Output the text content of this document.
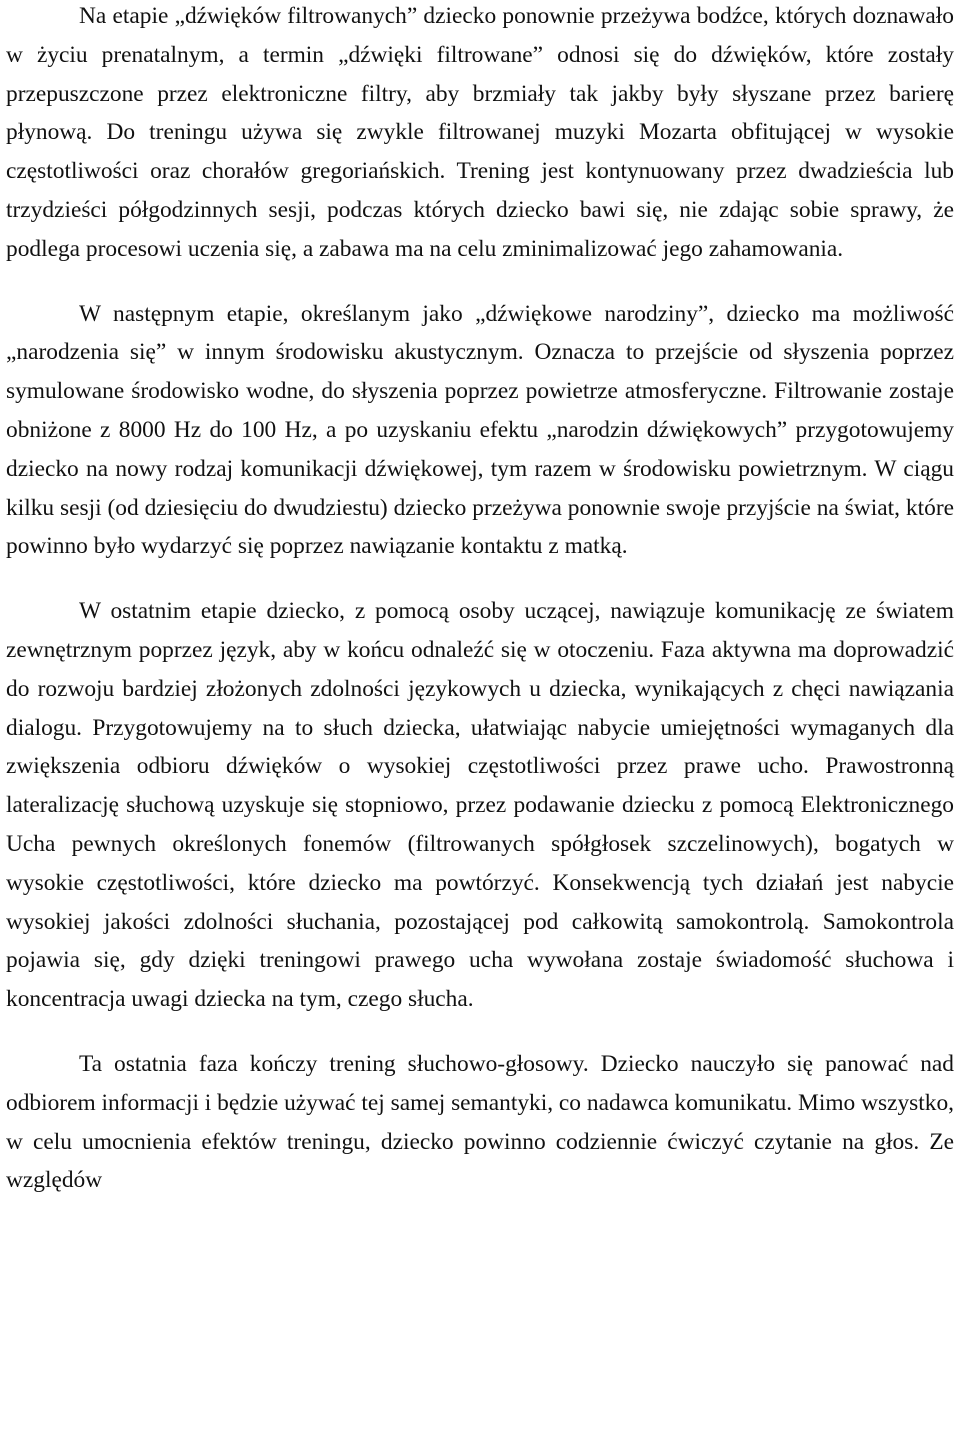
Na etapie „dźwięków filtrowanych” dziecko ponownie przeżywa bodźce, których doznawało w życiu prenatalnym, a termin „dźwięki filtrowane” odnosi się do dźwięków, które zostały przepuszczone przez elektroniczne filtry, aby brzmiały tak jakby były słyszane przez barierę płynową. Do treningu używa się zwykle filtrowanej muzyki Mozarta obfitującej w wysokie częstotliwości oraz chorałów gregoriańskich. Trening jest kontynuowany przez dwadzieścia lub trzydzieści półgodzinnych sesji, podczas których dziecko bawi się, nie zdając sobie sprawy, że podlega procesowi uczenia się, a zabawa ma na celu zminimalizować jego zahamowania.

W następnym etapie, określanym jako „dźwiękowe narodziny”, dziecko ma możliwość „narodzenia się” w innym środowisku akustycznym. Oznacza to przejście od słyszenia poprzez symulowane środowisko wodne, do słyszenia poprzez powietrze atmosferyczne. Filtrowanie zostaje obniżone z 8000 Hz do 100 Hz, a po uzyskaniu efektu „narodzin dźwiękowych” przygotowujemy dziecko na nowy rodzaj komunikacji dźwiękowej, tym razem w środowisku powietrznym. W ciągu kilku sesji (od dziesięciu do dwudziestu) dziecko przeżywa ponownie swoje przyjście na świat, które powinno było wydarzyć się poprzez nawiązanie kontaktu z matką.

W ostatnim etapie dziecko, z pomocą osoby uczącej, nawiązuje komunikację ze światem zewnętrznym poprzez język, aby w końcu odnaleźć się w otoczeniu. Faza aktywna ma doprowadzić do rozwoju bardziej złożonych zdolności językowych u dziecka, wynikających z chęci nawiązania dialogu. Przygotowujemy na to słuch dziecka, ułatwiając nabycie umiejętności wymaganych dla zwiększenia odbioru dźwięków o wysokiej częstotliwości przez prawe ucho. Prawostronną lateralizację słuchową uzyskuje się stopniowo, przez podawanie dziecku z pomocą Elektronicznego Ucha pewnych określonych fonemów (filtrowanych spółgłosek szczelinowych), bogatych w wysokie częstotliwości, które dziecko ma powtórzyć. Konsekwencją tych działań jest nabycie wysokiej jakości zdolności słuchania, pozostającej pod całkowitą samokontrolą. Samokontrola pojawia się, gdy dzięki treningowi prawego ucha wywołana zostaje świadomość słuchowa i koncentracja uwagi dziecka na tym, czego słucha.

Ta ostatnia faza kończy trening słuchowo-głosowy. Dziecko nauczyło się panować nad odbiorem informacji i będzie używać tej samej semantyki, co nadawca komunikatu. Mimo wszystko, w celu umocnienia efektów treningu, dziecko powinno codziennie ćwiczyć czytanie na głos. Ze względów
